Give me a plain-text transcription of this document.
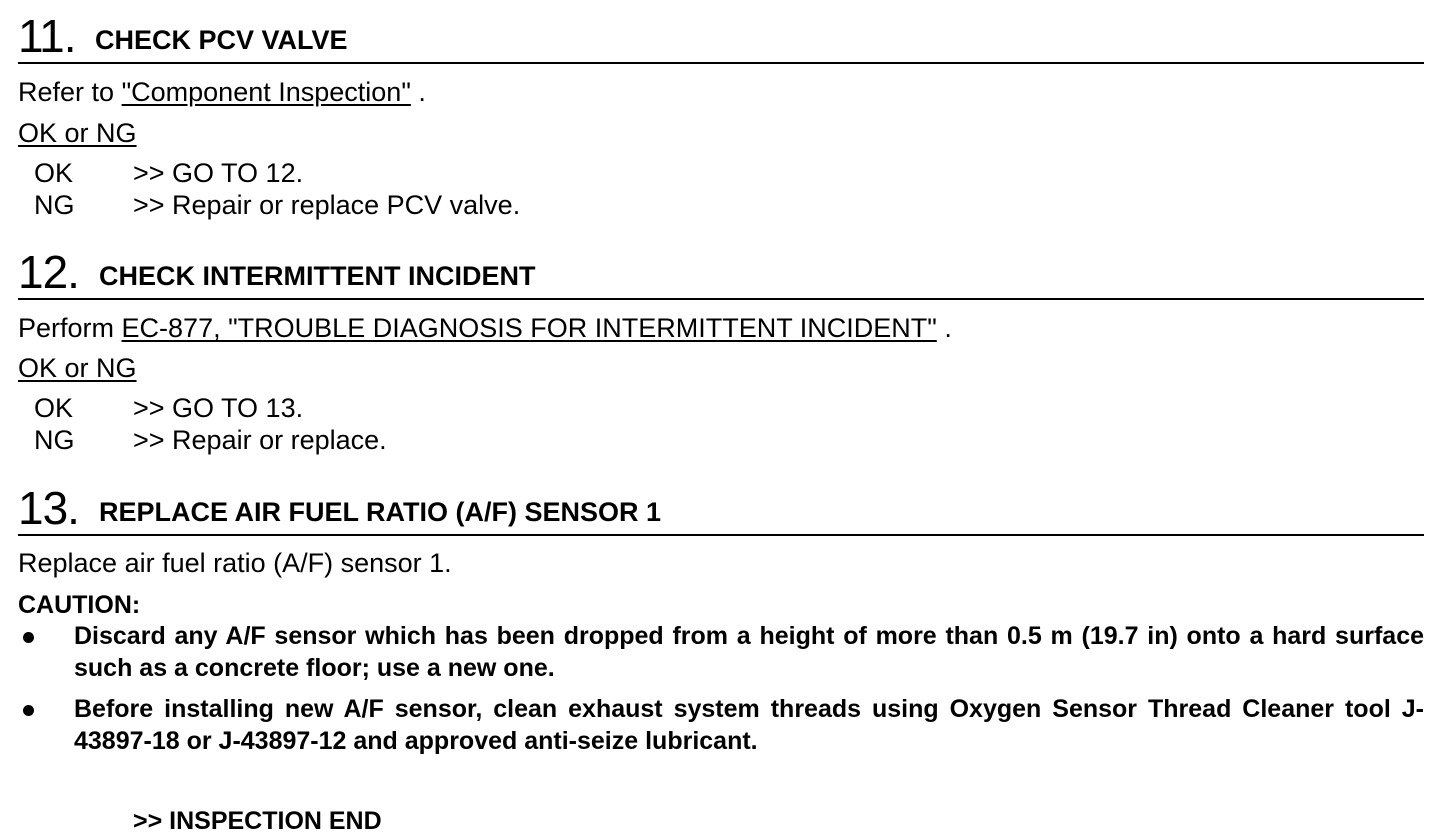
11. CHECK PCV VALVE
Refer to "Component Inspection" .
OK or NG
OK >> GO TO 12.
NG >> Repair or replace PCV valve.
12. CHECK INTERMITTENT INCIDENT
Perform EC-877, "TROUBLE DIAGNOSIS FOR INTERMITTENT INCIDENT" .
OK or NG
OK >> GO TO 13.
NG >> Repair or replace.
13. REPLACE AIR FUEL RATIO (A/F) SENSOR 1
Replace air fuel ratio (A/F) sensor 1.
CAUTION:
Discard any A/F sensor which has been dropped from a height of more than 0.5 m (19.7 in) onto a hard surface such as a concrete floor; use a new one.
Before installing new A/F sensor, clean exhaust system threads using Oxygen Sensor Thread Cleaner tool J-43897-18 or J-43897-12 and approved anti-seize lubricant.
>> INSPECTION END
